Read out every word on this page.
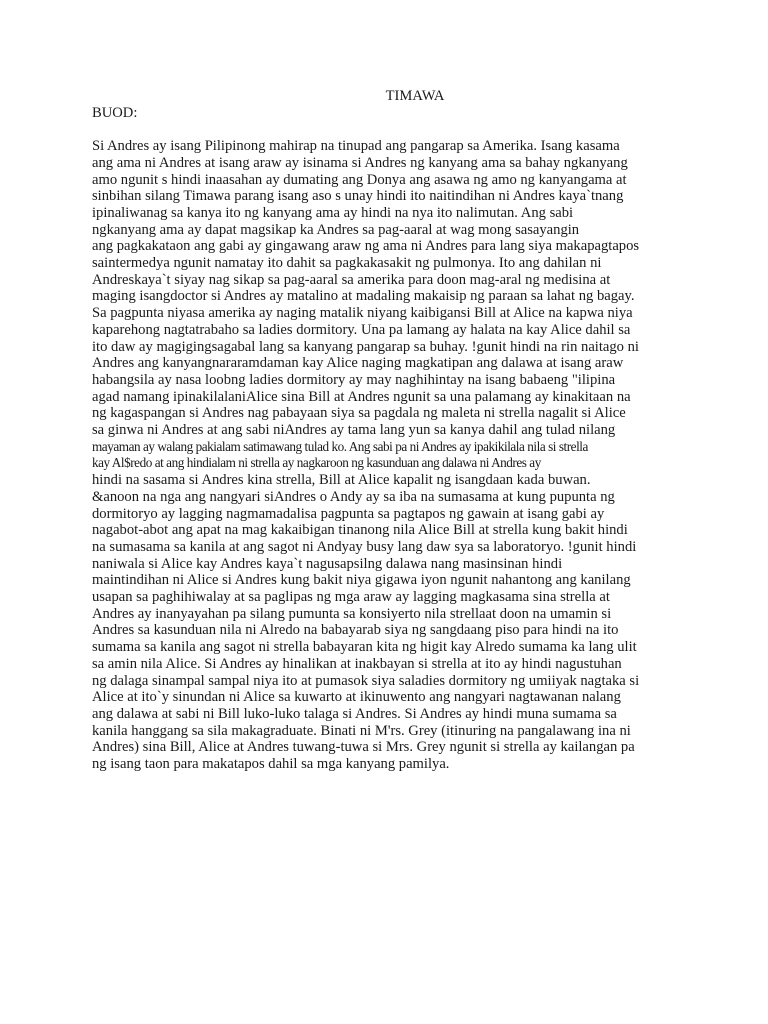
TIMAWA
BUOD:
Si Andres ay isang Pilipinong mahirap na tinupad ang pangarap sa Amerika. Isang kasama
ang ama ni Andres at isang araw ay isinama si Andres ng kanyang ama sa bahay ngkanyang
amo ngunit s hindi inaasahan ay dumating ang Donya ang asawa ng amo ng kanyangama at
sinbihan silang Timawa parang isang aso s unay hindi ito naitindihan ni Andres kaya`tnang
ipinaliwanag sa kanya ito ng kanyang ama ay hindi na nya ito nalimutan. Ang sabi
ngkanyang ama ay dapat magsikap ka Andres sa pag-aaral at wag mong sasayangin
ang pagkakataon ang gabi ay gingawang araw ng ama ni Andres para lang siya makapagtapos
saintermedya ngunit namatay ito dahit sa pagkakasakit ng pulmonya. Ito ang dahilan ni
Andreskaya`t siyay nag sikap sa pag-aaral sa amerika para doon mag-aral ng medisina at
maging isangdoctor si Andres ay matalino at madaling makaisip ng paraan sa lahat ng bagay.
Sa pagpunta niyasa amerika ay naging matalik niyang kaibigansi Bill at Alice na kapwa niya
kaparehong nagtatrabaho sa ladies dormitory. Una pa lamang ay halata na kay Alice dahil sa
ito daw ay magigingsagabal lang sa kanyang pangarap sa buhay. !gunit hindi na rin naitago ni
Andres ang kanyangnararamdaman kay Alice naging magkatipan ang dalawa at isang araw
habangsila ay nasa loobng ladies dormitory ay may naghihintay na isang babaeng "ilipina
agad namang ipinakilalaniAlice sina Bill at Andres ngunit sa una palamang ay kinakitaan na
ng kagaspangan si Andres nag pabayaan siya sa pagdala ng maleta ni strella nagalit si Alice
sa ginwa ni Andres at ang sabi niAndres ay tama lang yun sa kanya dahil ang tulad nilang
mayaman ay walang pakialam satimawang tulad ko. Ang sabi pa ni Andres ay ipakikilala nila si strella
kay Al$redo at ang hindialam ni strella ay nagkaroon ng kasunduan ang dalawa ni Andres ay
hindi na sasama si Andres kina strella, Bill at Alice kapalit ng isangdaan kada buwan.
&anoon na nga ang nangyari siAndres o Andy ay sa iba na sumasama at kung pupunta ng
dormitoryo ay lagging nagmamadalisa pagpunta sa pagtapos ng gawain at isang gabi ay
nagabot-abot ang apat na mag kakaibigan tinanong nila Alice Bill at strella kung bakit hindi
na sumasama sa kanila at ang sagot ni Andyay busy lang daw sya sa laboratoryo. !gunit hindi
naniwala si Alice kay Andres kaya`t nagusapsilng dalawa nang masinsinan hindi
maintindihan ni Alice si Andres kung bakit niya gigawa iyon ngunit nahantong ang kanilang
usapan sa paghihiwalay at sa paglipas ng mga araw ay lagging magkasama sina strella at
Andres ay inanyayahan pa silang pumunta sa konsiyerto nila strellaat doon na umamin si
Andres sa kasunduan nila ni Alredo na babayarab siya ng sangdaang piso para hindi na ito
sumama sa kanila ang sagot ni strella babayaran kita ng higit kay Alredo sumama ka lang ulit
sa amin nila Alice. Si Andres ay hinalikan at inakbayan si strella at ito ay hindi nagustuhan
ng dalaga sinampal sampal niya ito at pumasok siya saladies dormitory ng umiiyak nagtaka si
Alice at ito`y sinundan ni Alice sa kuwarto at ikinuwento ang nangyari nagtawanan nalang
ang dalawa at sabi ni Bill luko-luko talaga si Andres. Si Andres ay hindi muna sumama sa
kanila hanggang sa sila makagraduate. Binati ni M'rs. Grey (itinuring na pangalawang ina ni
Andres) sina Bill, Alice at Andres tuwang-tuwa si Mrs. Grey ngunit si strella ay kailangan pa
ng isang taon para makatapos dahil sa mga kanyang pamilya.
